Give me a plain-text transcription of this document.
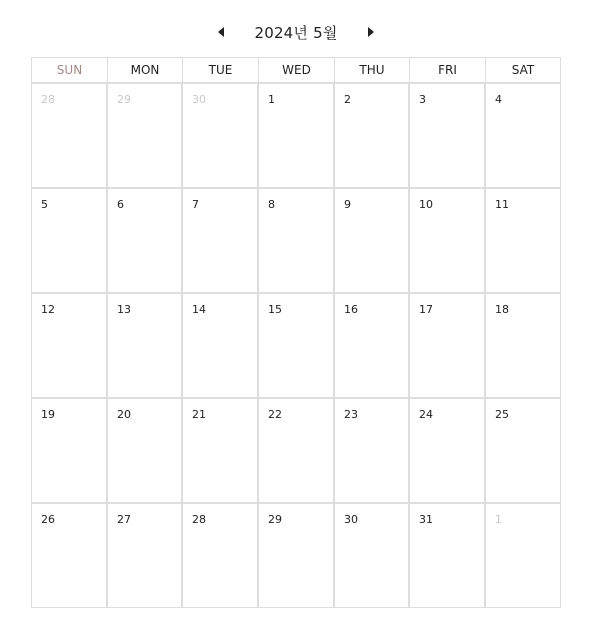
2024년 5월
SUN	MON	TUE	WED	THU	FRI	SAT
28	29	30	1	2	3	4
5	6	7	8	9	10	11
12	13	14	15	16	17	18
19	20	21	22	23	24	25
26	27	28	29	30	31	1
